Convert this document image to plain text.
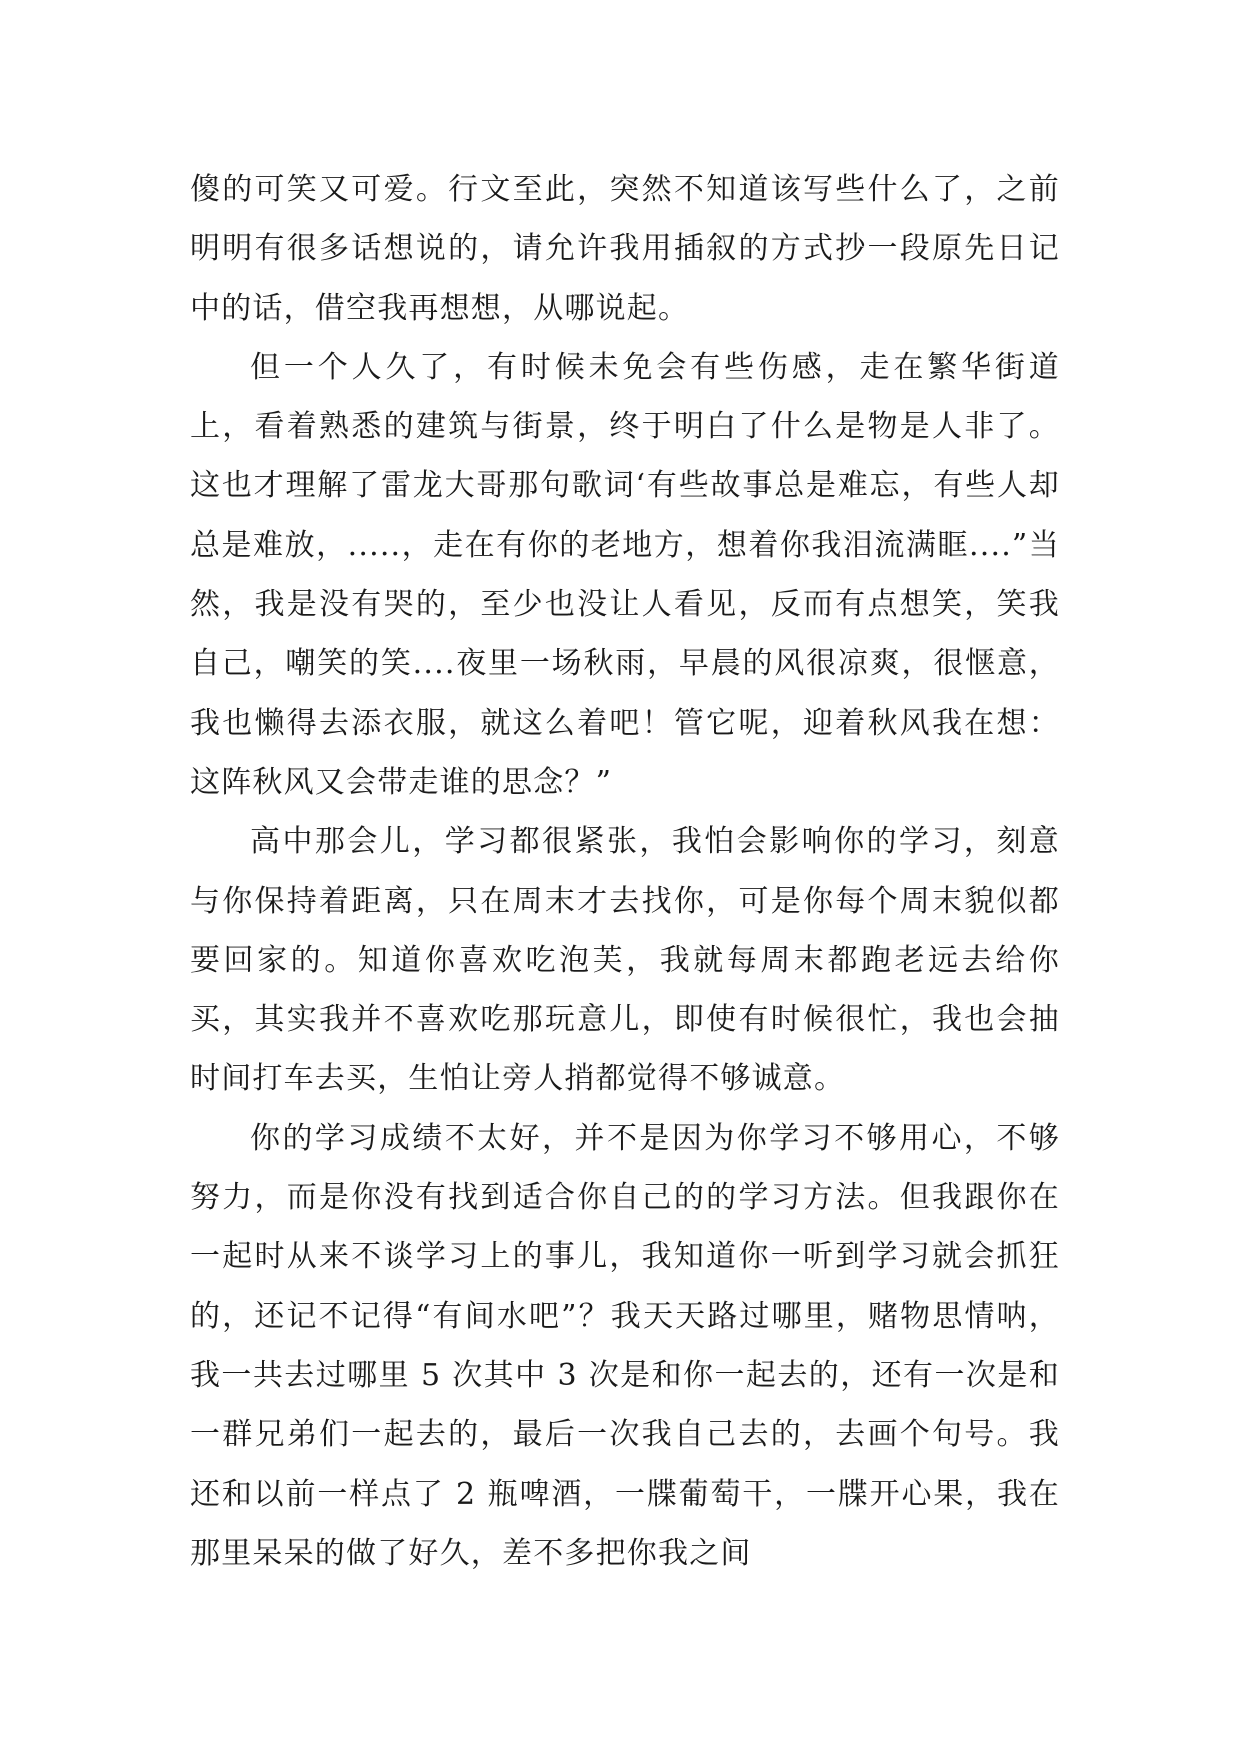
傻的可笑又可爱。行文至此，突然不知道该写些什么了，之前明明有很多话想说的，请允许我用插叙的方式抄一段原先日记中的话，借空我再想想，从哪说起。

但一个人久了，有时候未免会有些伤感，走在繁华街道上，看着熟悉的建筑与街景，终于明白了什么是物是人非了。这也才理解了雷龙大哥那句歌词‘有些故事总是难忘，有些人却总是难放，.....，走在有你的老地方，想着你我泪流满眶....”当然，我是没有哭的，至少也没让人看见，反而有点想笑，笑我自己，嘲笑的笑....夜里一场秋雨，早晨的风很凉爽，很惬意，我也懒得去添衣服，就这么着吧！管它呢，迎着秋风我在想：这阵秋风又会带走谁的思念？”

高中那会儿，学习都很紧张，我怕会影响你的学习，刻意与你保持着距离，只在周末才去找你，可是你每个周末貌似都要回家的。知道你喜欢吃泡芙，我就每周末都跑老远去给你买，其实我并不喜欢吃那玩意儿，即使有时候很忙，我也会抽时间打车去买，生怕让旁人捎都觉得不够诚意。

你的学习成绩不太好，并不是因为你学习不够用心，不够努力，而是你没有找到适合你自己的的学习方法。但我跟你在一起时从来不谈学习上的事儿，我知道你一听到学习就会抓狂的，还记不记得“有间水吧”？我天天路过哪里，赌物思情呐，我一共去过哪里 5 次其中 3 次是和你一起去的，还有一次是和一群兄弟们一起去的，最后一次我自己去的，去画个句号。我还和以前一样点了 2 瓶啤酒，一牒葡萄干，一牒开心果，我在那里呆呆的做了好久，差不多把你我之间
